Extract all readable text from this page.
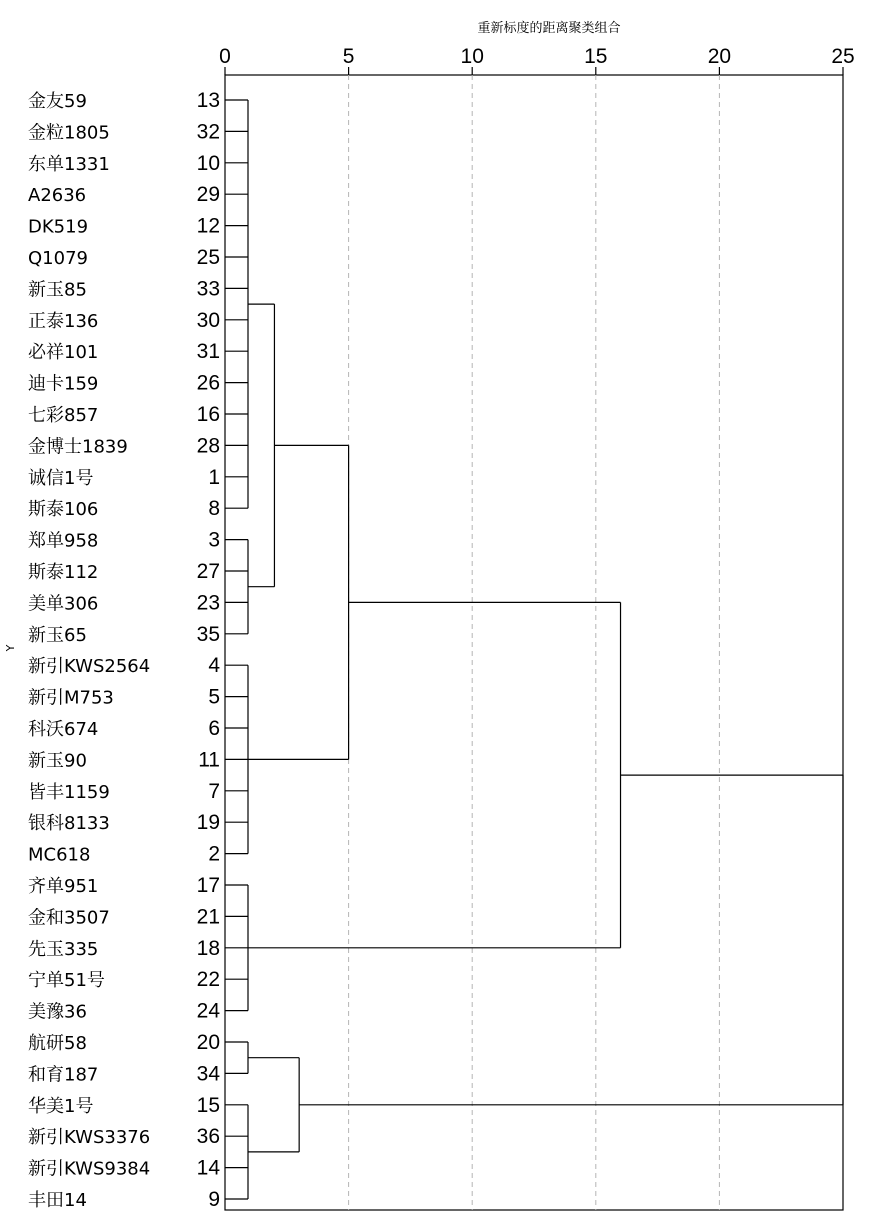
重新标度的距离聚类组合
0	5	10	15	20	25
Y
金友59	13
金粒1805	32
东单1331	10
A2636	29
DK519	12
Q1079	25
新玉85	33
正泰136	30
必祥101	31
迪卡159	26
七彩857	16
金博士1839	28
诚信1号	1
斯泰106	8
郑单958	3
斯泰112	27
美单306	23
新玉65	35
新引KWS2564	4
新引M753	5
科沃674	6
新玉90	11
皆丰1159	7
银科8133	19
MC618	2
齐单951	17
金和3507	21
先玉335	18
宁单51号	22
美豫36	24
航研58	20
和育187	34
华美1号	15
新引KWS3376 36
新引KWS9384 14
丰田14	9
